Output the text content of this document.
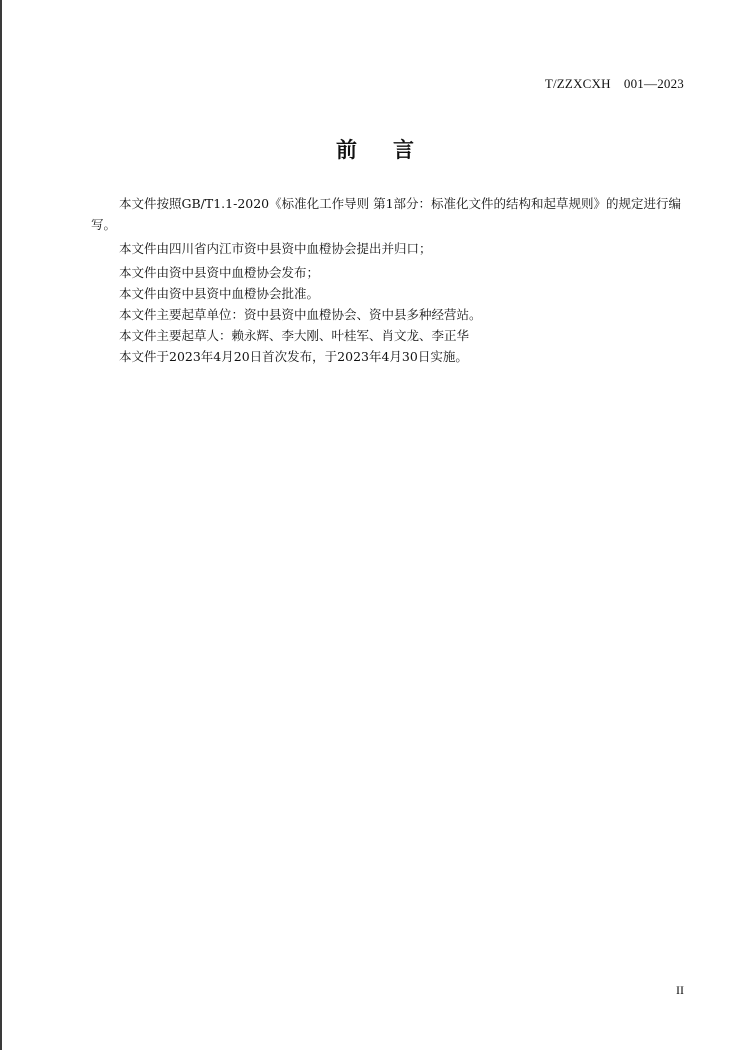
T/ZZXCXH　001—2023
前言

本文件按照GB/T1.1-2020《标准化工作导则 第1部分：标准化文件的结构和起草规则》的规定进行编写。

本文件由四川省内江市资中县资中血橙协会提出并归口；

本文件由资中县资中血橙协会发布；

本文件由资中县资中血橙协会批准。

本文件主要起草单位：资中县资中血橙协会、资中县多种经营站。

本文件主要起草人：赖永辉、李大刚、叶桂军、肖文龙、李正华

本文件于2023年4月20日首次发布，于2023年4月30日实施。

II
